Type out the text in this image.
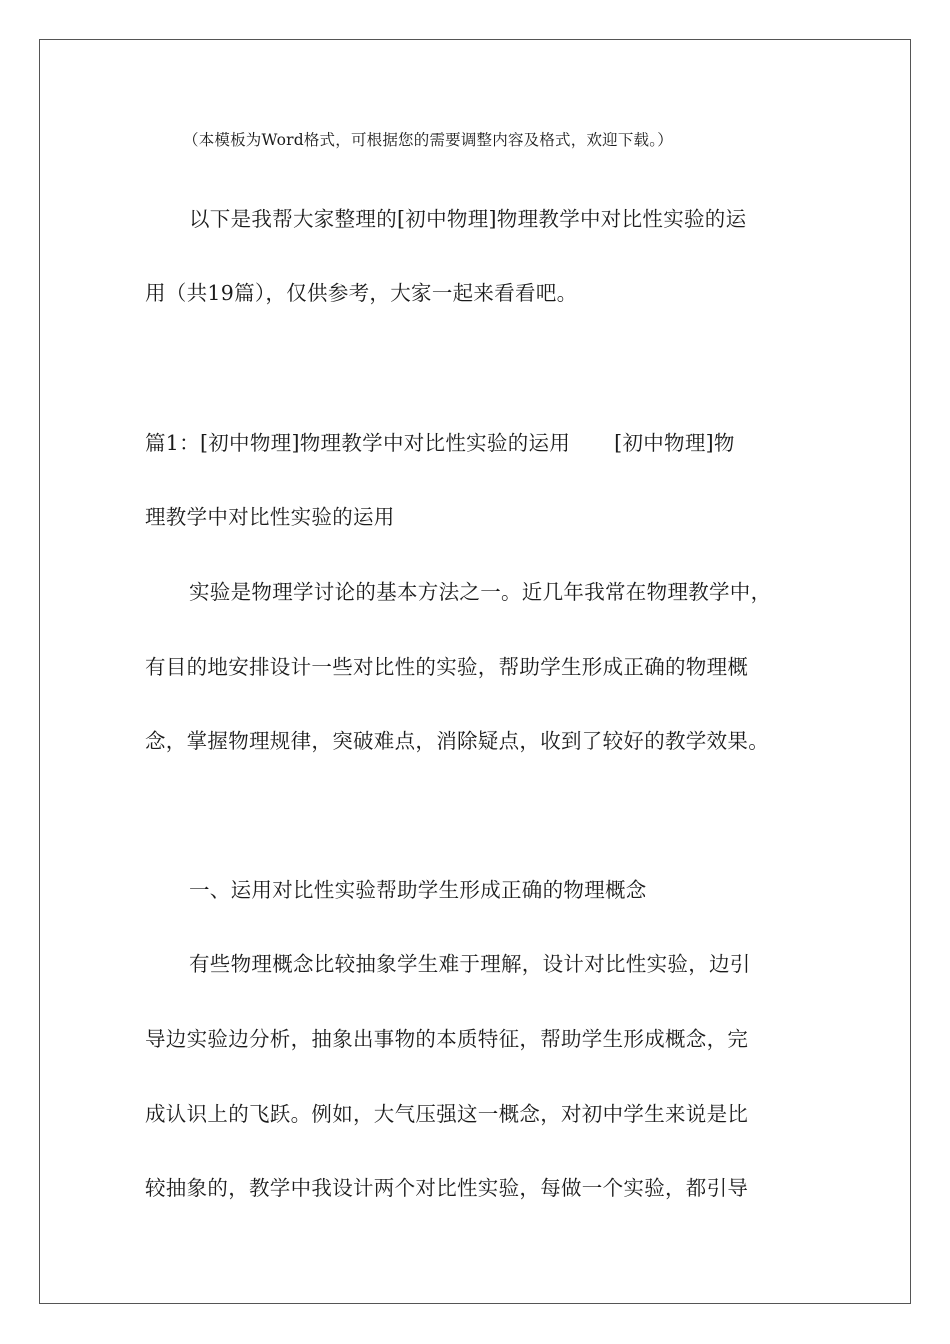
（本模板为Word格式，可根据您的需要调整内容及格式，欢迎下载。）
以下是我帮大家整理的[初中物理]物理教学中对比性实验的运
用（共19篇），仅供参考，大家一起来看看吧。
篇1：[初中物理]物理教学中对比性实验的运用 [初中物理]物
理教学中对比性实验的运用
实验是物理学讨论的基本方法之一。近几年我常在物理教学中，
有目的地安排设计一些对比性的实验，帮助学生形成正确的物理概
念，掌握物理规律，突破难点，消除疑点，收到了较好的教学效果。
一、运用对比性实验帮助学生形成正确的物理概念
有些物理概念比较抽象学生难于理解，设计对比性实验，边引
导边实验边分析，抽象出事物的本质特征，帮助学生形成概念，完
成认识上的飞跃。例如，大气压强这一概念，对初中学生来说是比
较抽象的，教学中我设计两个对比性实验，每做一个实验，都引导
